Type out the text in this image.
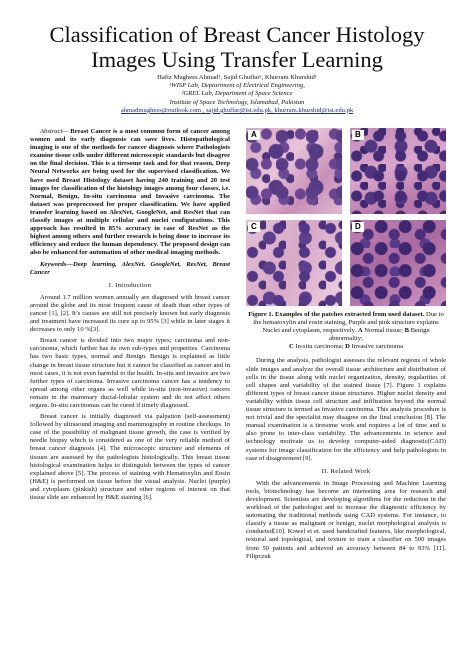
Classification of Breast Cancer Histology Images Using Transfer Learning
Hafiz Mughees Ahmad¹, Sajid Ghuffar², Khurram Khurshid¹
¹WISP Lab, Deptartment of Electrical Engineering,
²GREL Lab, Department of Space Science
Institute of Space Technology, Islamabad, Pakistan
ahmadmughees@outlook.com , sajid.ghuffar@ist.edu.pk, khurram.khurshid@ist.edu.pk

Abstract— Breast Cancer is a most common form of cancer among women and its early diagnosis can save lives. Histopathological imaging is one of the methods for cancer diagnosis where Pathologists examine tissue cells under different microscopic standards but disagree on the final decision. This is a tiresome task and for that reason, Deep Neural Networks are being used for the supervised classification. We have used Breast Histology dataset having 240 training and 20 test images for classification of the histology images among four classes, i.e. Normal, Benign, In-situ carcinoma and Invasive carcinoma. The dataset was preprocessed for proper classification. We have applied transfer learning based on AlexNet, GoogleNet, and ResNet that can classify images at multiple cellular and nuclei configurations. This approach has resulted in 85% accuracy in case of ResNet as the highest among others and further research is being done to increase its efficiency and reduce the human dependency. The proposed design can also be enhanced for automation of other medical imaging methods.

Keywords—Deep learning, AlexNet, GoogleNet, ResNet, Breast Cancer

I. Introduction

Around 1.7 million women annually are diagnosed with breast cancer around the globe and its most frequent cause of death than other types of cancer [1], [2]. It’s causes are still not precisely known but early diagnosis and treatment have increased its cure up to 95% [3] while in later stages it decreases to only 10 %[3].

Breast cancer is divided into two major types; carcinoma and non-carcinoma, which further has its own sub-types and properties. Carcinoma has two basic types, normal and Benign. Benign is explained as little change in breast tissue structure but it cannot be classified as cancer and in most cases, it is not even harmful to the health. In-situ and invasive are two further types of carcinoma. Invasive carcinoma cancer has a tendency to spread among other organs as well while in-situ (non-invasive) cancers remain in the mammary ductal-lobular system and do not affect others organs. In-situ carcinomas can be cured if timely diagnosed.

Breast cancer is initially diagnosed via palpation (self-assessment) followed by ultrasound imaging and mammography in routine checkups. In case of the possibility of malignant tissue growth, the case is verified by needle biopsy which is considered as one of the very reliable method of breast cancer diagnosis [4]. The microscopic structure and elements of tissues are assessed by the pathologists histologically. This breast tissue histological examination helps to distinguish between the types of cancer explained above [5]. The process of staining with Hematoxylin and Eosin (H&E) is performed on tissue before the visual analysis. Nuclei (purple) and cytoplasm (pinkish) structure and other regions of interest on that tissue slide are enhanced by H&E staining [6].

A	B
C	D
Figure 1. Examples of the patches extracted from used dataset. Due to the hematoxylin and eosin staining, Purple and pink structure explains Nuclei and cytoplasm, respectively. A Normal tissue; B Benign abnormality;
C In-situ carcinoma; D Invasive carcinoma

During the analysis, pathologist assesses the relevant regions of whole slide images and analyze the overall tissue architecture and distribution of cells in the tissue along with nuclei organization, density, regularities of cell shapes and variability of the stained tissue [7]. Figure 1 explains different types of breast cancer tissue structures. Higher nuclei density and variability within tissue cell structure and infiltration beyond the normal tissue structure is termed as invasive carcinoma. This analysis procedure is not trivial and the specialist may disagree on the final conclusion [8]. The manual examination is a tiresome work and requires a lot of time and is also prone to inter-class variability. The advancements in science and technology motivate us to develop computer-aided diagnostic(CAD) systems for image classification for the efficiency and help pathologists in case of disagreement [9].

II. Related Work

With the advancements in Image Processing and Machine Learning tools, biotechnology has become an interesting area for research and development. Scientists are developing algorithms for the reduction in the workload of the pathologist and to increase the diagnostic efficiency by automating the traditional methods using CAD systems. For instance, to classify a tissue as malignant or benign, nuclei morphological analysis is conducted[10]. Kowel et et. used handcrafted features, like morphological, textural and topological, and texture to train a classifier on 500 images from 50 patients and achieved an accuracy between 84 to 93% [11]. Filipczuk
